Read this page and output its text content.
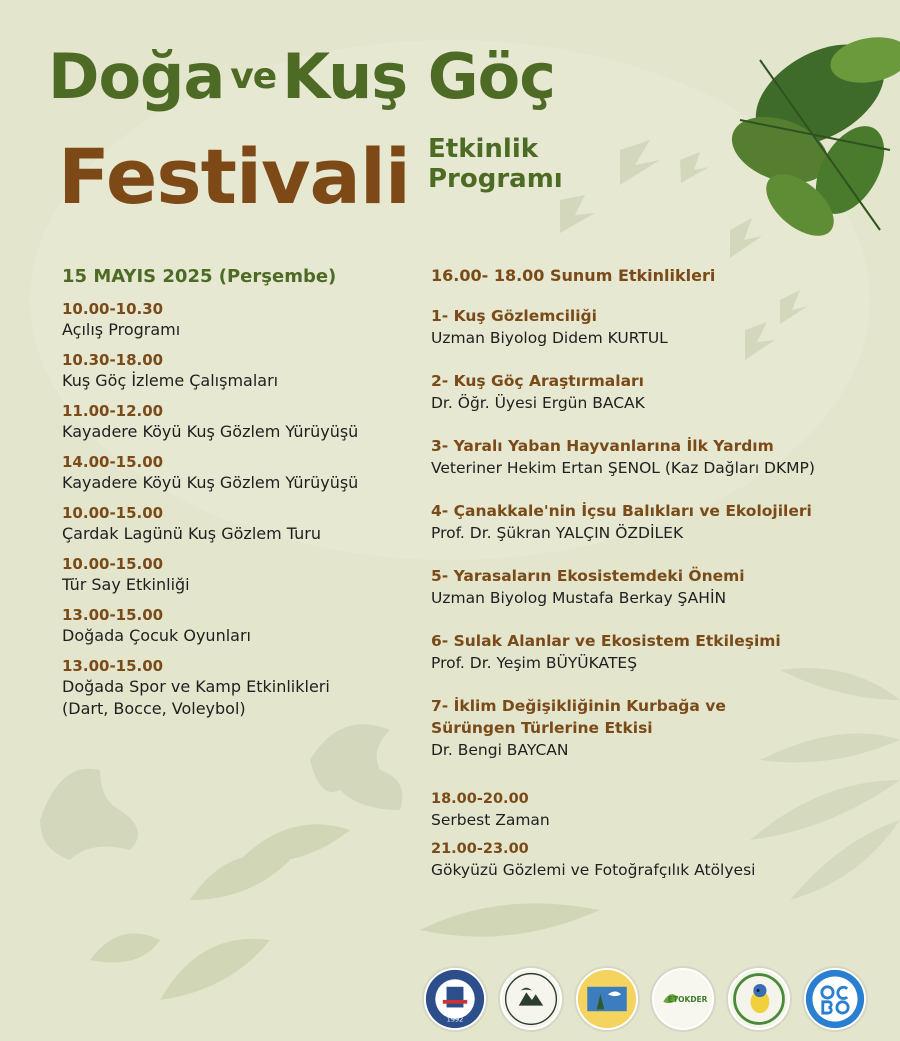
Doğa veKuş Göç
Festivali Etkinlik
Programı
15 MAYIS 2025 (Perşembe)
10.00-10.30
Açılış Programı
10.30-18.00
Kuş Göç İzleme Çalışmaları
11.00-12.00
Kayadere Köyü Kuş Gözlem Yürüyüşü
14.00-15.00
Kayadere Köyü Kuş Gözlem Yürüyüşü
10.00-15.00
Çardak Lagünü Kuş Gözlem Turu
10.00-15.00
Tür Say Etkinliği
13.00-15.00
Doğada Çocuk Oyunları
13.00-15.00
Doğada Spor ve Kamp Etkinlikleri
(Dart, Bocce, Voleybol)
16.00- 18.00 Sunum Etkinlikleri
1- Kuş Gözlemciliği
Uzman Biyolog Didem KURTUL
2- Kuş Göç Araştırmaları
Dr. Öğr. Üyesi Ergün BACAK
3- Yaralı Yaban Hayvanlarına İlk Yardım
Veteriner Hekim Ertan ŞENOL (Kaz Dağları DKMP)
4- Çanakkale'nin İçsu Balıkları ve Ekolojileri
Prof. Dr. Şükran YALÇIN ÖZDİLEK
5- Yarasaların Ekosistemdeki Önemi
Uzman Biyolog Mustafa Berkay ŞAHİN
6- Sulak Alanlar ve Ekosistem Etkileşimi
Prof. Dr. Yeşim BÜYÜKATEŞ
7- İklim Değişikliğinin Kurbağa ve
Sürüngen Türlerine Etkisi
Dr. Bengi BAYCAN
18.00-20.00
Serbest Zaman
21.00-23.00
Gökyüzü Gözlemi ve Fotoğrafçılık Atölyesi
1992
ETOKDER
